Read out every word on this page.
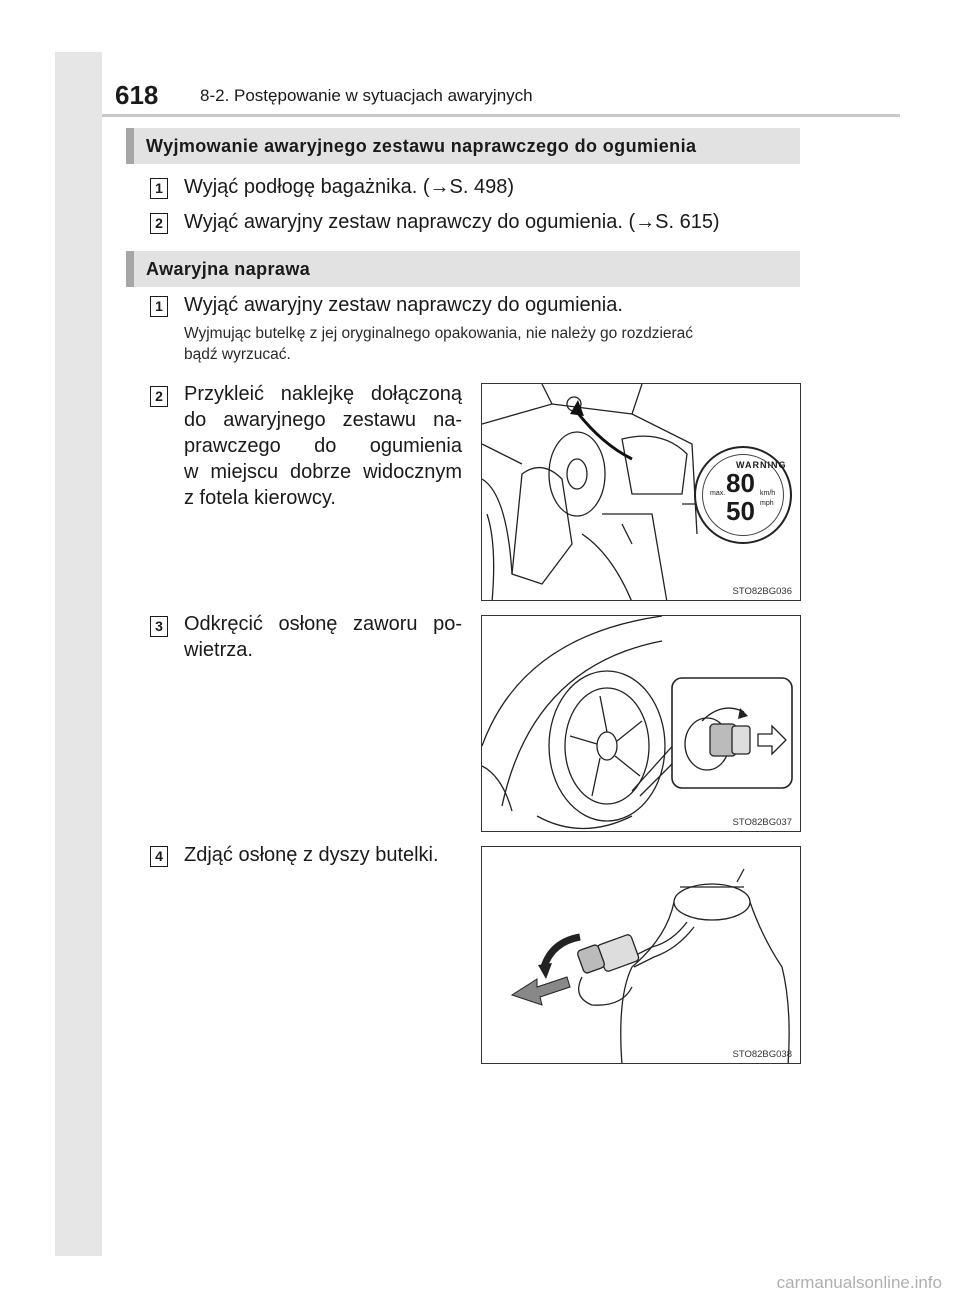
618 8-2. Postępowanie w sytuacjach awaryjnych
Wyjmowanie awaryjnego zestawu naprawczego do ogumienia
1 Wyjąć podłogę bagażnika. (→S. 498)
2 Wyjąć awaryjny zestaw naprawczy do ogumienia. (→S. 615)
Awaryjna naprawa
1 Wyjąć awaryjny zestaw naprawczy do ogumienia.
Wyjmując butelkę z jej oryginalnego opakowania, nie należy go rozdzierać
bądź wyrzucać.
2 Przykleić naklejkę dołączoną
do awaryjnego zestawu na-
prawczego do ogumienia
w miejscu dobrze widocznym
z fotela kierowcy.
3 Odkręcić osłonę zaworu po-
wietrza.
4 Zdjąć osłonę z dyszy butelki.
WARNING
80
50
km/h
mph
max.
STO82BG036
STO82BG037
STO82BG038
carmanualsonline.info
